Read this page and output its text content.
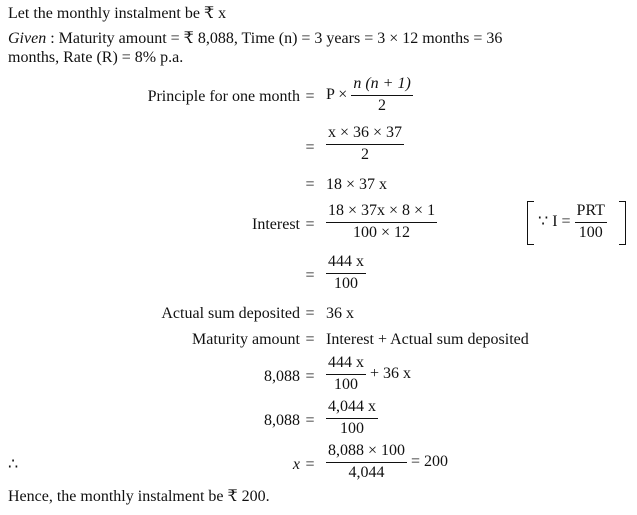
Let the monthly instalment be ₹ x
Given : Maturity amount = ₹ 8,088, Time (n) = 3 years = 3 × 12 months = 36
months, Rate (R) = 8% p.a.
Principle for one month = $P \times \frac{n (n + 1)}{2}$
= $\frac{x \times 36 \times 37}{2}$
= 18 × 37 x
Interest = $\frac{18 \times 37x \times 8 \times 1}{100 \times 12}$	∵ $I = \frac{\text{PRT}}{100}$
= $\frac{444 x}{100}$
Actual sum deposited = 36 x
Maturity amount = Interest + Actual sum deposited
$8,088 = \frac{444 x}{100} + 36$ x
$8,088 = \frac{4,044 x}{100}$
∴	$x = \frac{8,088 \times 100}{4,044} = 200$
Hence, the monthly instalment be ₹ 200.
